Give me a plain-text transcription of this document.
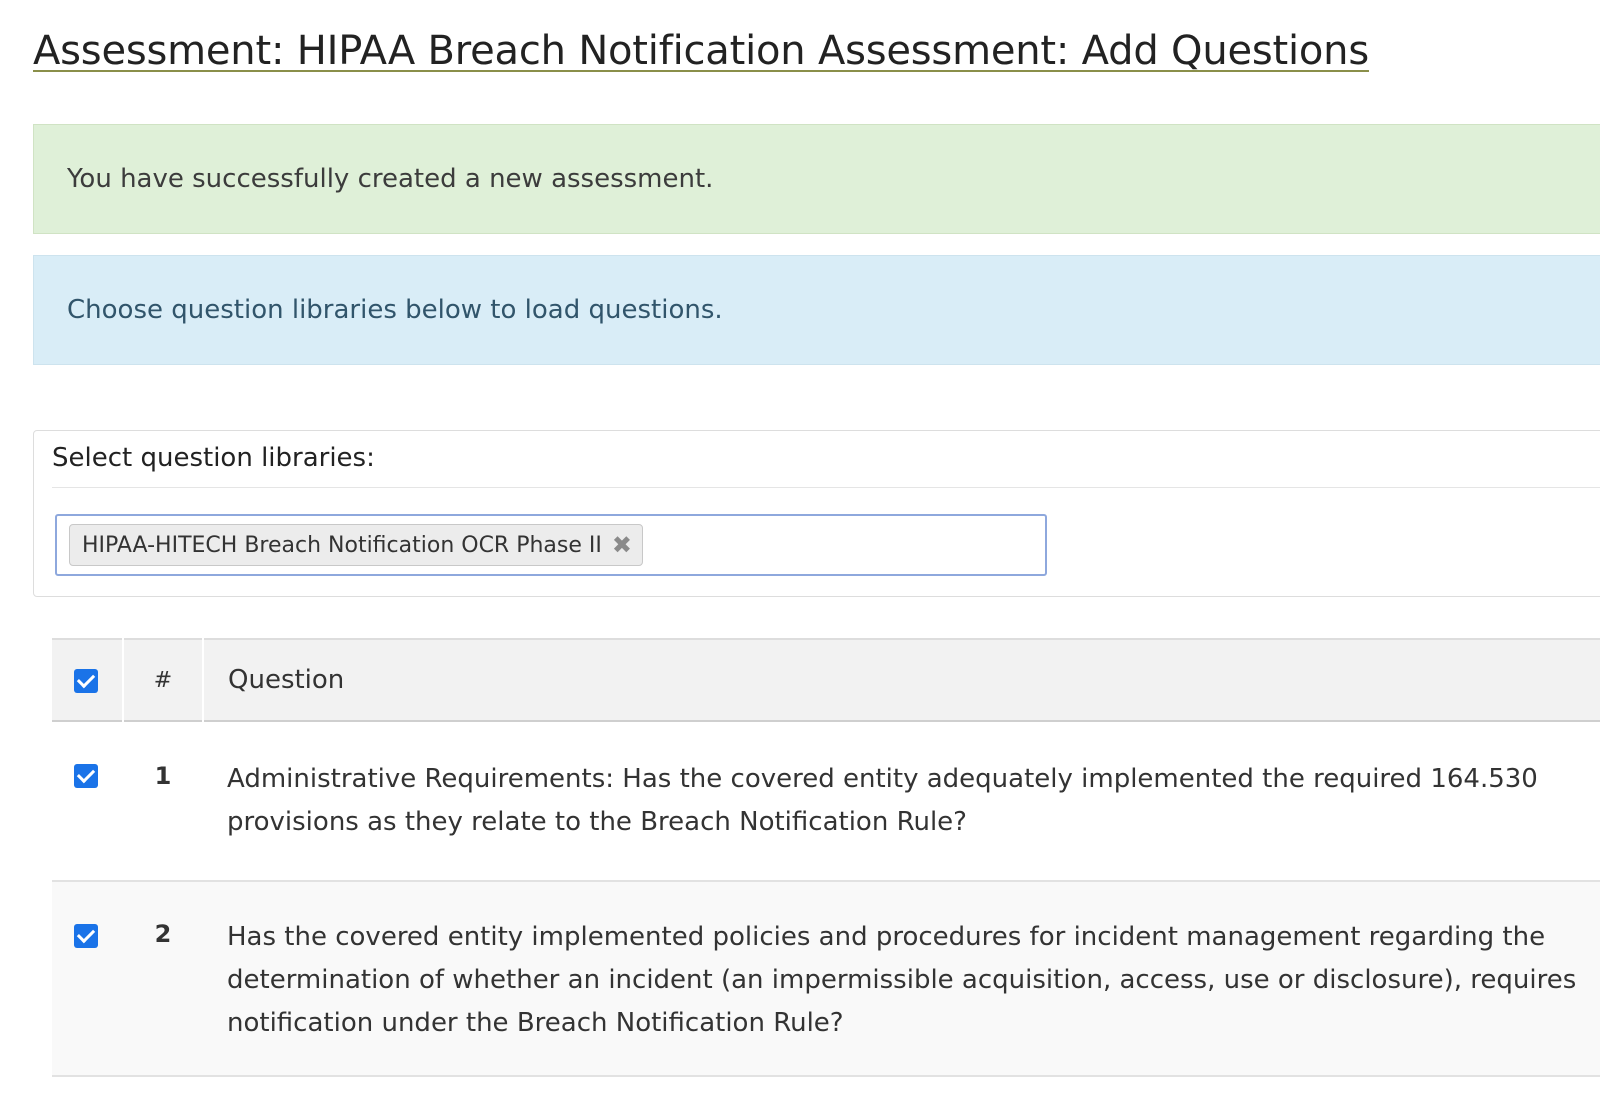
Assessment: HIPAA Breach Notification Assessment: Add Questions
You have successfully created a new assessment.
Choose question libraries below to load questions.
Select question libraries:
HIPAA-HITECH Breach Notification OCR Phase II ✖
	#	Question
	1	Administrative Requirements: Has the covered entity adequately implemented the required 164.530 provisions as they relate to the Breach Notification Rule?
	2	Has the covered entity implemented policies and procedures for incident management regarding the determination of whether an incident (an impermissible acquisition, access, use or disclosure), requires notification under the Breach Notification Rule?
